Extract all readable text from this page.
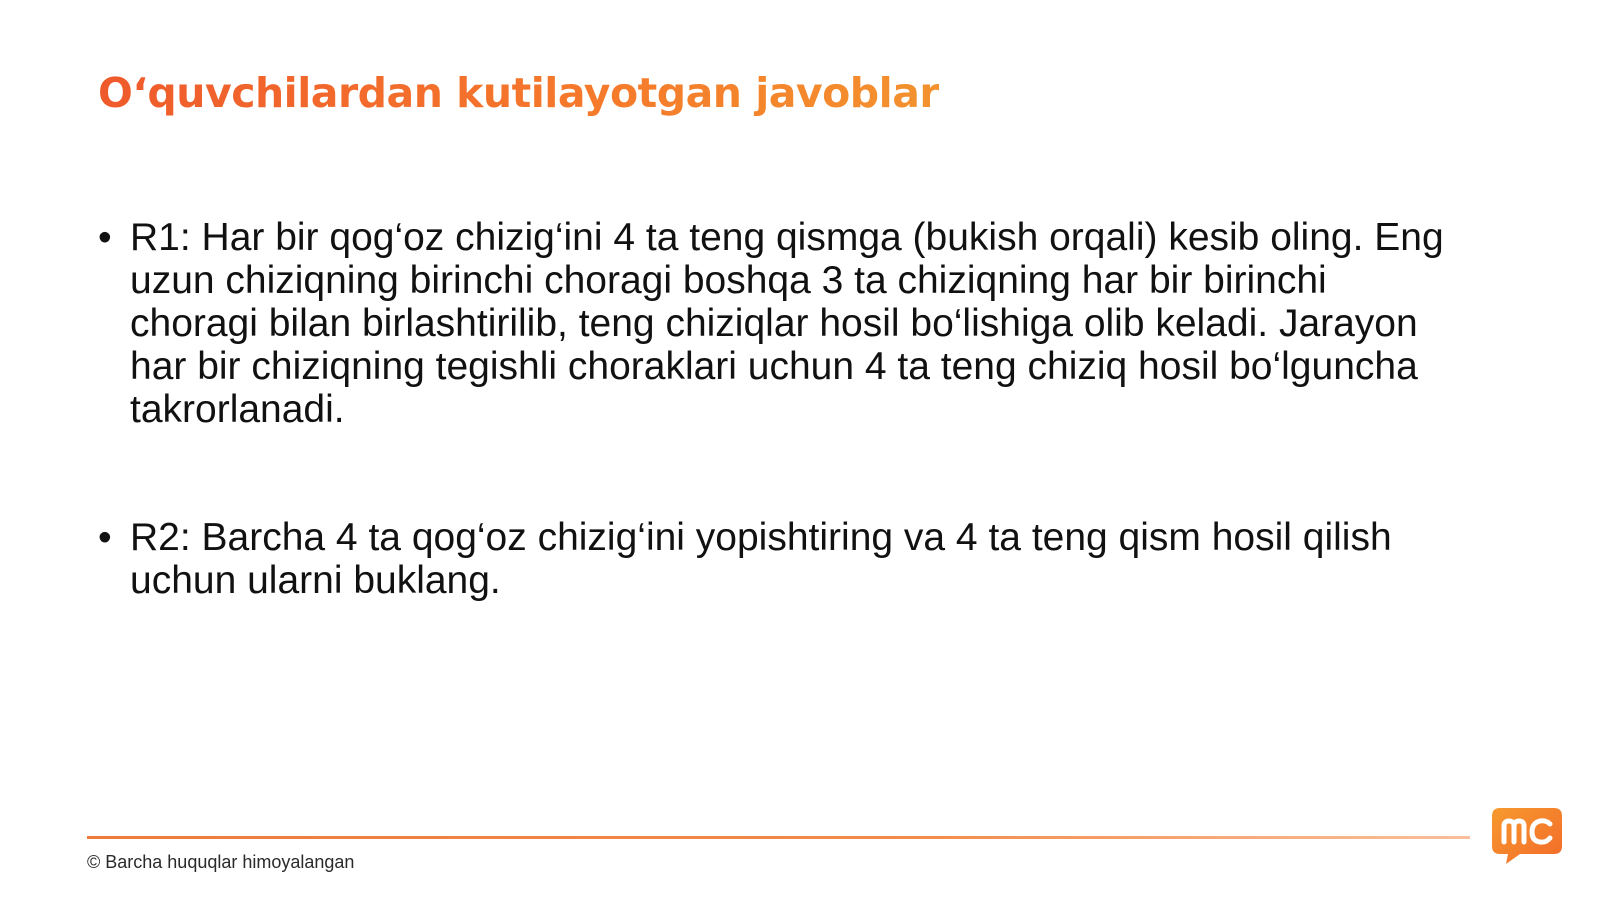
O‘quvchilardan kutilayotgan javoblar
• R1: Har bir qog‘oz chizig‘ini 4 ta teng qismga (bukish orqali) kesib oling. Eng uzun chiziqning birinchi choragi boshqa 3 ta chiziqning har bir birinchi choragi bilan birlashtirilib, teng chiziqlar hosil bo‘lishiga olib keladi. Jarayon har bir chiziqning tegishli choraklari uchun 4 ta teng chiziq hosil bo‘lguncha takrorlanadi.
• R2: Barcha 4 ta qog‘oz chizig‘ini yopishtiring va 4 ta teng qism hosil qilish uchun ularni buklang.
© Barcha huquqlar himoyalangan
